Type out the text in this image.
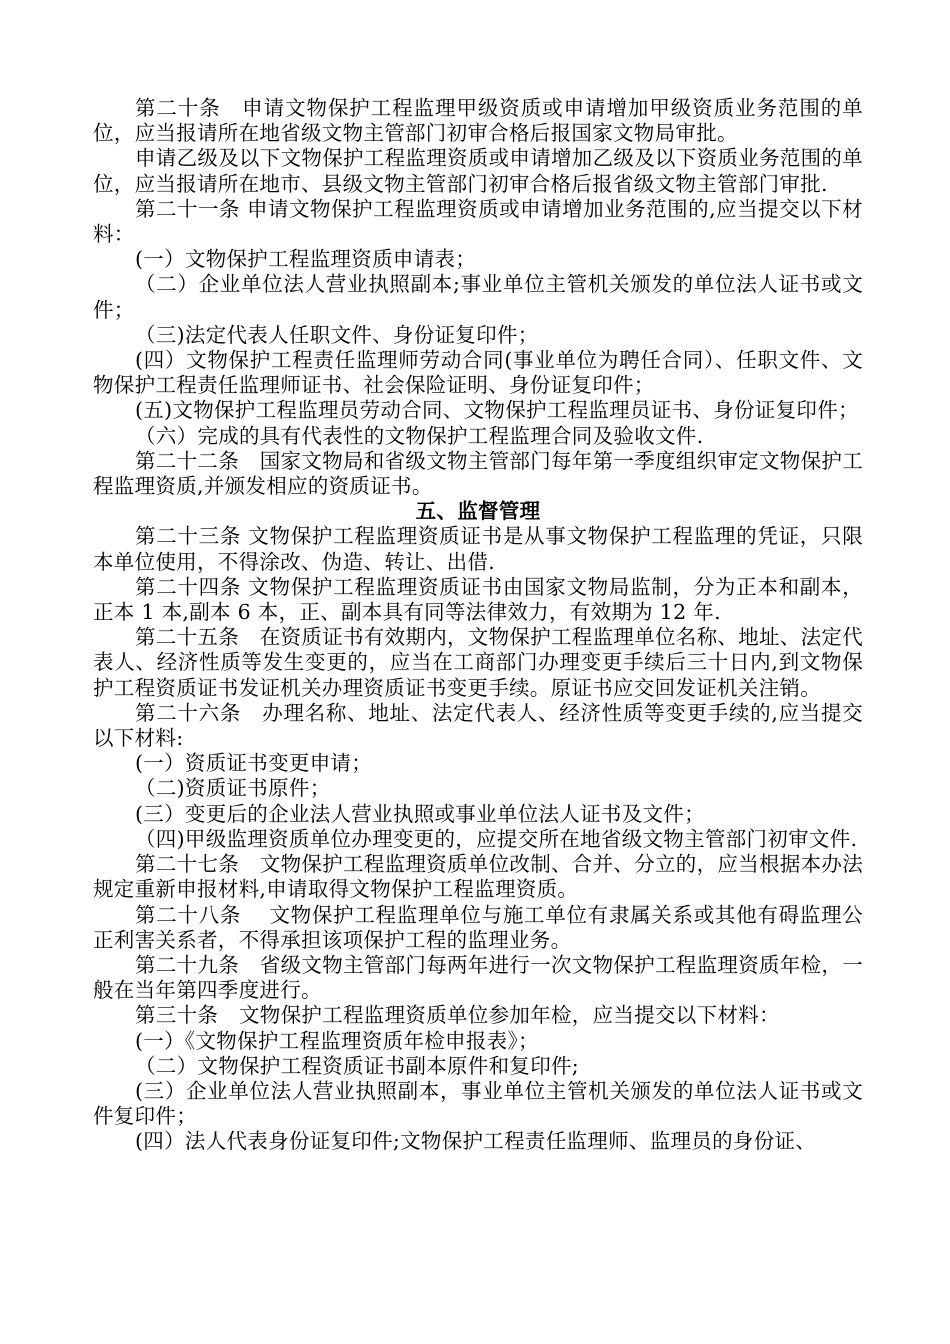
第二十条　申请文物保护工程监理甲级资质或申请增加甲级资质业务范围的单位，应当报请所在地省级文物主管部门初审合格后报国家文物局审批。

申请乙级及以下文物保护工程监理资质或申请增加乙级及以下资质业务范围的单位，应当报请所在地市、县级文物主管部门初审合格后报省级文物主管部门审批.

第二十一条 申请文物保护工程监理资质或申请增加业务范围的,应当提交以下材料：

(一）文物保护工程监理资质申请表；

（二）企业单位法人营业执照副本;事业单位主管机关颁发的单位法人证书或文件；

（三)法定代表人任职文件、身份证复印件；

(四）文物保护工程责任监理师劳动合同(事业单位为聘任合同）、任职文件、文物保护工程责任监理师证书、社会保险证明、身份证复印件；

(五)文物保护工程监理员劳动合同、文物保护工程监理员证书、身份证复印件；

（六）完成的具有代表性的文物保护工程监理合同及验收文件.

第二十二条　国家文物局和省级文物主管部门每年第一季度组织审定文物保护工程监理资质,并颁发相应的资质证书。

五、监督管理

第二十三条 文物保护工程监理资质证书是从事文物保护工程监理的凭证，只限本单位使用，不得涂改、伪造、转让、出借.

第二十四条 文物保护工程监理资质证书由国家文物局监制，分为正本和副本，正本 1 本,副本 6 本，正、副本具有同等法律效力，有效期为 12 年.

第二十五条　在资质证书有效期内，文物保护工程监理单位名称、地址、法定代表人、经济性质等发生变更的，应当在工商部门办理变更手续后三十日内,到文物保护工程资质证书发证机关办理资质证书变更手续。原证书应交回发证机关注销。

第二十六条　办理名称、地址、法定代表人、经济性质等变更手续的,应当提交以下材料:

(一）资质证书变更申请；

（二)资质证书原件；

(三）变更后的企业法人营业执照或事业单位法人证书及文件；

（四)甲级监理资质单位办理变更的，应提交所在地省级文物主管部门初审文件.

第二十七条　文物保护工程监理资质单位改制、合并、分立的，应当根据本办法规定重新申报材料,申请取得文物保护工程监理资质。

第二十八条　 文物保护工程监理单位与施工单位有隶属关系或其他有碍监理公正利害关系者，不得承担该项保护工程的监理业务。

第二十九条　省级文物主管部门每两年进行一次文物保护工程监理资质年检，一般在当年第四季度进行。

第三十条　文物保护工程监理资质单位参加年检，应当提交以下材料：

(一）《文物保护工程监理资质年检申报表》；

（二）文物保护工程资质证书副本原件和复印件;

(三）企业单位法人营业执照副本，事业单位主管机关颁发的单位法人证书或文件复印件；

(四）法人代表身份证复印件;文物保护工程责任监理师、监理员的身份证、
